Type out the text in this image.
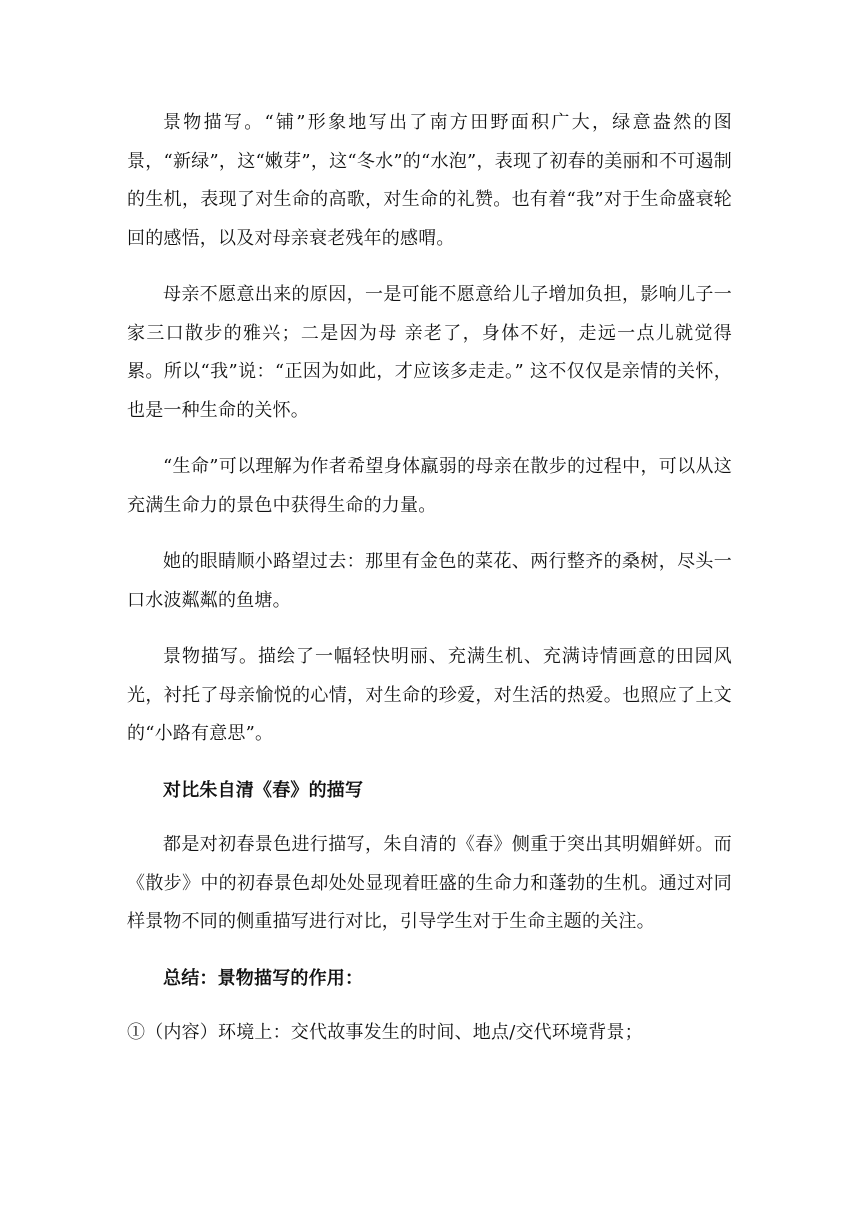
景物描写。“铺”形象地写出了南方田野面积广大，绿意盎然的图景，“新绿”，这“嫩芽”，这“冬水”的“水泡”，表现了初春的美丽和不可遏制的生机，表现了对生命的高歌，对生命的礼赞。也有着“我”对于生命盛衰轮回的感悟，以及对母亲衰老残年的感喟。

母亲不愿意出来的原因，一是可能不愿意给儿子增加负担，影响儿子一家三口散步的雅兴；二是因为母 亲老了，身体不好，走远一点儿就觉得累。所以“我”说：“正因为如此，才应该多走走。” 这不仅仅是亲情的关怀，也是一种生命的关怀。

“生命”可以理解为作者希望身体羸弱的母亲在散步的过程中，可以从这充满生命力的景色中获得生命的力量。

她的眼睛顺小路望过去：那里有金色的菜花、两行整齐的桑树，尽头一口水波粼粼的鱼塘。

景物描写。描绘了一幅轻快明丽、充满生机、充满诗情画意的田园风光，衬托了母亲愉悦的心情，对生命的珍爱，对生活的热爱。也照应了上文的“小路有意思”。

对比朱自清《春》的描写

都是对初春景色进行描写，朱自清的《春》侧重于突出其明媚鲜妍。而《散步》中的初春景色却处处显现着旺盛的生命力和蓬勃的生机。通过对同样景物不同的侧重描写进行对比，引导学生对于生命主题的关注。

总结：景物描写的作用：

①（内容）环境上：交代故事发生的时间、地点/交代环境背景；
